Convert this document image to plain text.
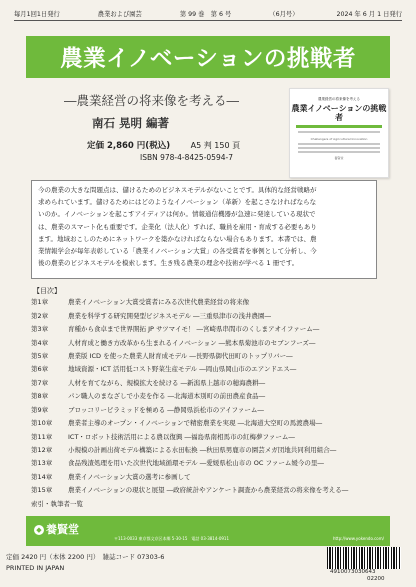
毎月1回1日発行	農業および園芸	第 99 巻　第 6 号	（6月号）	2024 年 6 月 1 日発行
農業イノベーションの挑戦者
―農業経営の将来像を考える―
南石 晃明 編著
定価 2,860 円(税込)	A5 判 150 頁
ISBN 978-4-8425-0594-7
農業経営の将来像を考える
農業イノベーションの挑戦者
Challengers of Agricultural Innovation
養賢堂

今の農業の大きな問題点は、儲けるためのビジネスモデルがないことです。具体的な経営戦略が

求められています。儲けるためにはどのようなイノベーション（革新）を起こさなければならな

いのか。イノベーションを起こすアイディアは何か。情報通信機器が急速に発達している現状で

は、農業のスマート化も重要です。企業化（法人化）すれば、職員を雇用・育成する必要もあり

ます。地域おこしのためにネットワークを築かなければならない場合もあります。本書では、農

業情報学会が毎年表彰している「農業イノベーション大賞」の各受賞者を事例として分析し、今

後の農業のビジネスモデルを模索します。生き残る農業の理念や技術が学べる 1 冊です。

【目次】
第1章	農業イノベーション大賞受賞者にみる次世代農業経営の将来像
第2章	農業を科学する研究開発型ビジネスモデル ―三重県津市の浅井農園―
第3章	育種から食卓まで世界開拓 JP サツマイモ！ ―宮崎県串間市のくしまアオイファーム―
第4章	人材育成と働き方改革から生まれるイノベーション ―熊本県菊池市のセブンフーズ―
第5章	農業版 ICD を使った農業人財育成モデル ―長野県御代田町のトップリバー―
第6章	地域資源・ICT 活用低コスト野菜生産モデル ―岡山県岡山市のエアンドエス―
第7章	人材を育てながら、規模拡大を続ける ―新潟県上越市の穂海農耕―
第8章	パン職人のまなざしで小麦を作る ―北海道本別町の前田農産食品―
第9章	ブロッコリーピラミッドを極める ―静岡県浜松市のアイファーム―
第10章	農業者主導のオープン・イノベーションで精密農業を実現 ―北海道大空町の馬渡農場―
第11章	ICT・ロボット技術活用による農以復興 ―福島県南相馬市の紅梅夢ファーム―
第12章	小規模の計画出荷モデル構築による水田転換 ―秋田県男鹿市の園芸メガ団地共同利用組合―
第13章	食品残渣処理を用いた次世代地域循環モデル ―愛媛県松山市の OC ファーム媛今の里―
第14章	農業イノベーション大賞の選考に参画して
第15章	農業イノベーションの現状と展望 ―政府統計やアンケート調査から農業経営の将来像を考える―
索引・執筆者一覧
◆ 養賢堂
〒113-0033 東京都文京区本郷 5-30-15　電話 03-3814-0911	http://www.yokendo.com/
定価 2420 円（本体 2200 円）　雑誌コード 07303-6
PRINTED IN JAPAN	4910073030643
02200
